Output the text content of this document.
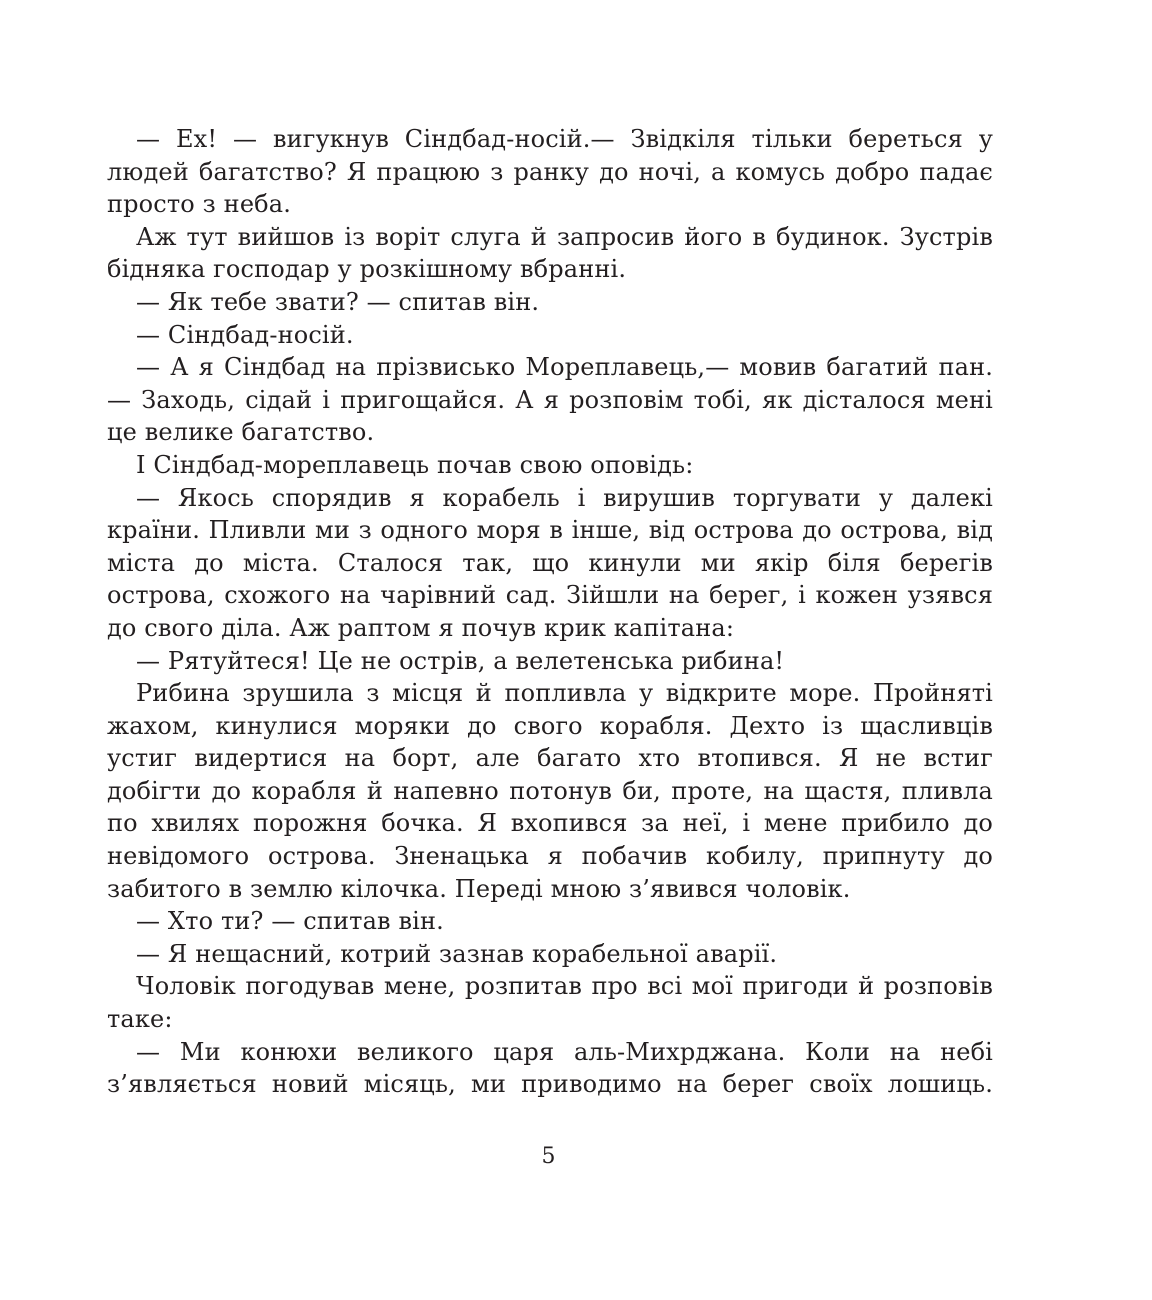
— Ех! — вигукнув Сіндбад-носій.— Звідкіля тільки береться у людей багатство? Я працюю з ранку до ночі, а комусь добро падає просто з неба.

Аж тут вийшов із воріт слуга й запросив його в будинок. Зустрів бідняка господар у розкішному вбранні.

— Як тебе звати? — спитав він.

— Сіндбад-носій.

— А я Сіндбад на прізвисько Мореплавець,— мовив багатий пан.— Заходь, сідай і пригощайся. А я розповім тобі, як дісталося мені це велике багатство.

І Сіндбад-мореплавець почав свою оповідь:

— Якось спорядив я корабель і вирушив торгувати у далекі країни. Пливли ми з одного моря в інше, від острова до острова, від міста до міста. Сталося так, що кинули ми якір біля берегів острова, схожого на чарівний сад. Зійшли на берег, і кожен узявся до свого діла. Аж раптом я почув крик капітана:

— Рятуйтеся! Це не острів, а велетенська рибина!

Рибина зрушила з місця й попливла у відкрите море. Пройняті жахом, кинулися моряки до свого корабля. Дехто із щасливців устиг видертися на борт, але багато хто втопився. Я не встиг добігти до корабля й напевно потонув би, проте, на щастя, пливла по хвилях порожня бочка. Я вхопився за неї, і мене прибило до невідомого острова. Зненацька я побачив кобилу, припнуту до забитого в землю кілочка. Переді мною з’явився чоловік.

— Хто ти? — спитав він.

— Я нещасний, котрий зазнав корабельної аварії.

Чоловік погодував мене, розпитав про всі мої пригоди й розповів таке:

— Ми конюхи великого царя аль-Михрджана. Коли на небі з’являється новий місяць, ми приводимо на берег своїх лошиць.

5
